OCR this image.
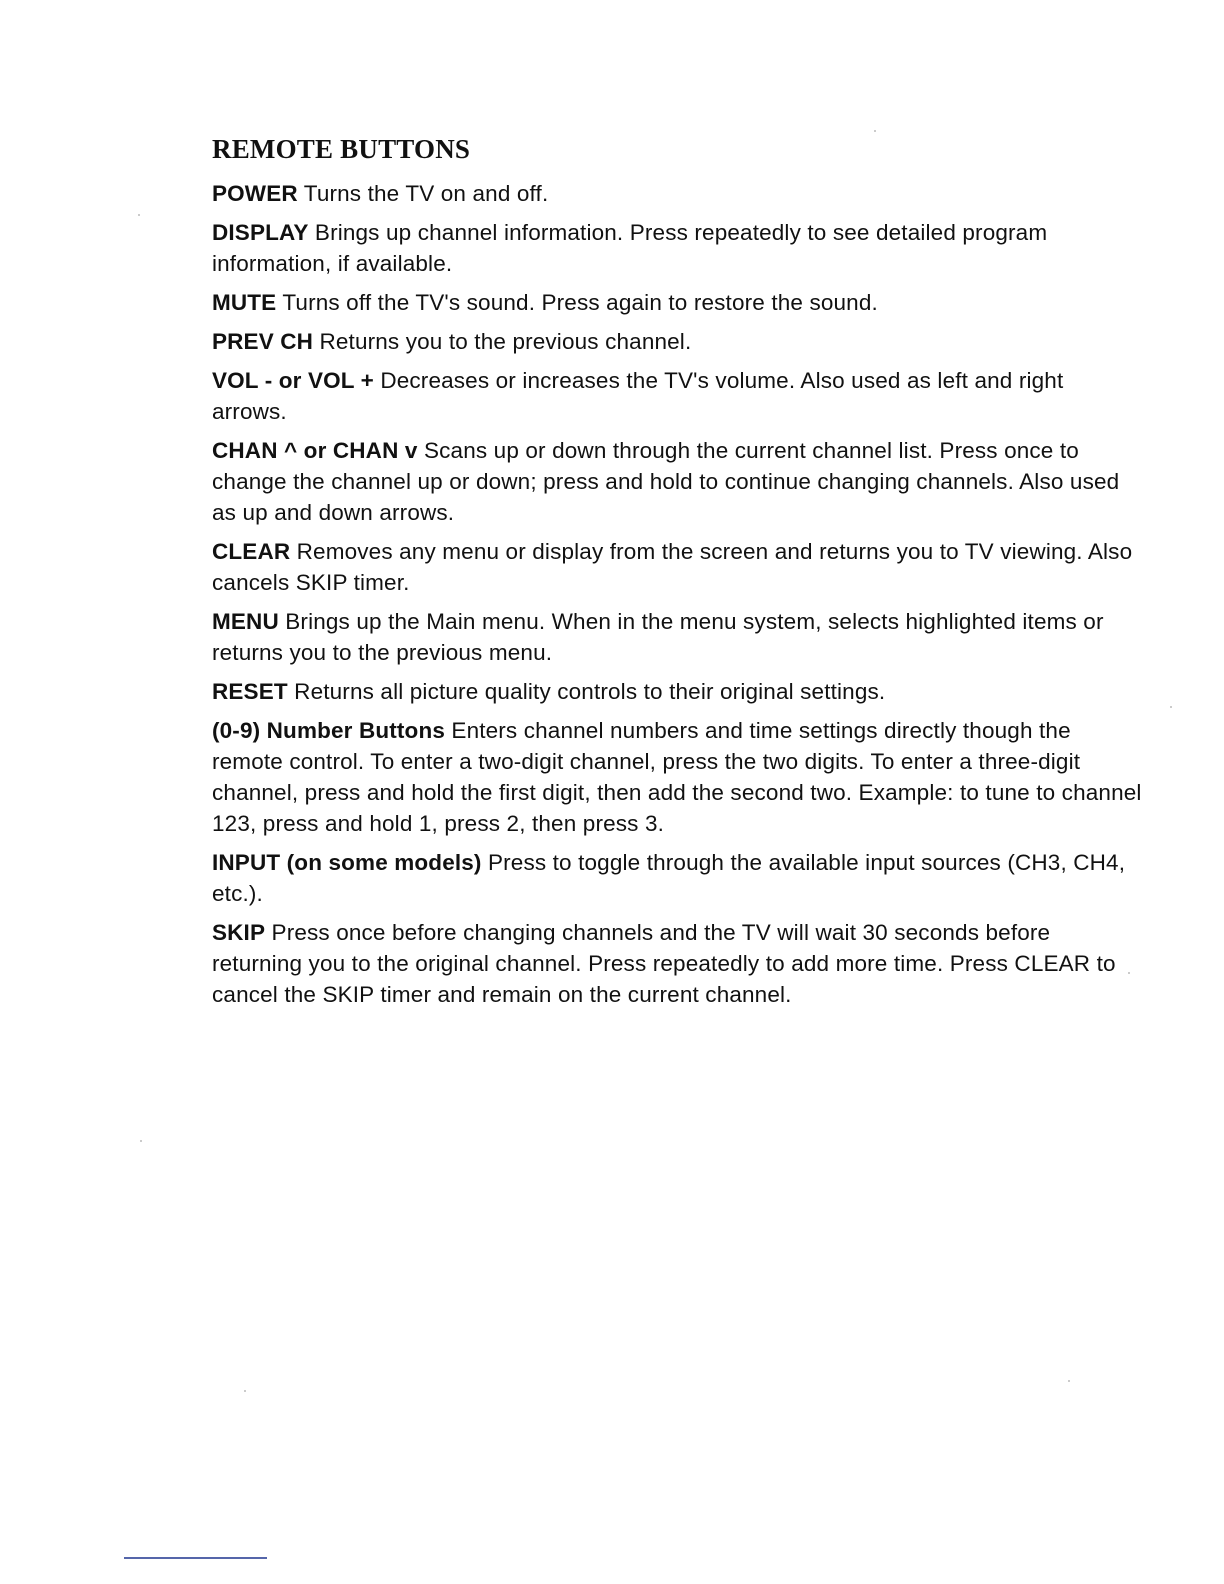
REMOTE BUTTONS

POWER Turns the TV on and off.

DISPLAY Brings up channel information. Press repeatedly to see detailed program information, if available.

MUTE Turns off the TV's sound. Press again to restore the sound.

PREV CH Returns you to the previous channel.

VOL - or VOL + Decreases or increases the TV's volume. Also used as left and right arrows.

CHAN ^ or CHAN v Scans up or down through the current channel list. Press once to change the channel up or down; press and hold to continue changing channels. Also used as up and down arrows.

CLEAR Removes any menu or display from the screen and returns you to TV viewing. Also cancels SKIP timer.

MENU Brings up the Main menu. When in the menu system, selects highlighted items or returns you to the previous menu.

RESET Returns all picture quality controls to their original settings.

(0-9) Number Buttons Enters channel numbers and time settings directly though the remote control. To enter a two-digit channel, press the two digits. To enter a three-digit channel, press and hold the first digit, then add the second two. Example: to tune to channel 123, press and hold 1, press 2, then press 3.

INPUT (on some models) Press to toggle through the available input sources (CH3, CH4, etc.).

SKIP Press once before changing channels and the TV will wait 30 seconds before returning you to the original channel. Press repeatedly to add more time. Press CLEAR to cancel the SKIP timer and remain on the current channel.
